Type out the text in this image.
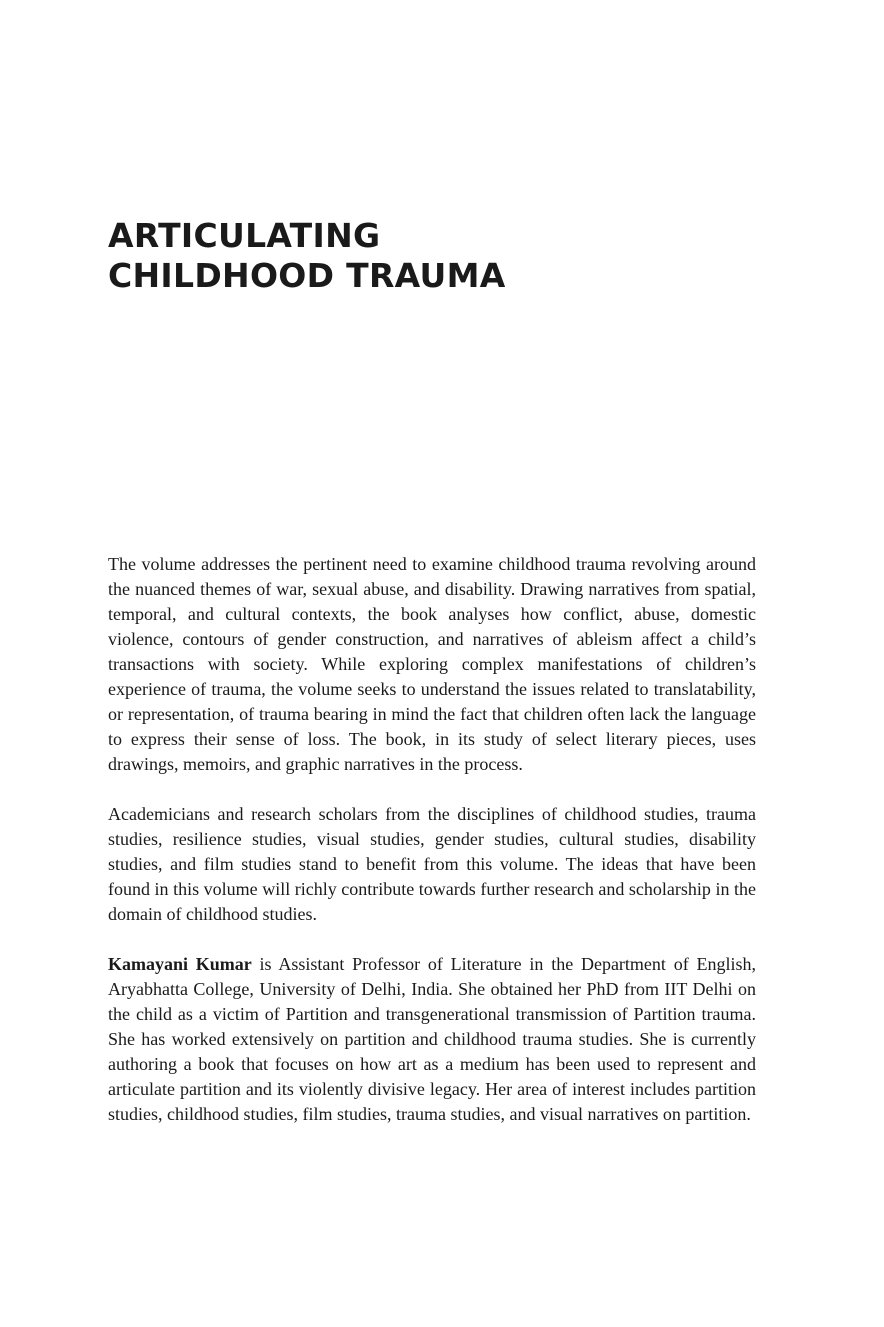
ARTICULATING
CHILDHOOD TRAUMA

The volume addresses the pertinent need to examine childhood trauma revolving around the nuanced themes of war, sexual abuse, and disability. Drawing narratives from spatial, temporal, and cultural contexts, the book analyses how conflict, abuse, domestic violence, contours of gender construction, and narratives of ableism affect a child’s transactions with society. While exploring complex manifestations of children’s experience of trauma, the volume seeks to understand the issues related to translatability, or representation, of trauma bearing in mind the fact that children often lack the language to express their sense of loss. The book, in its study of select literary pieces, uses drawings, memoirs, and graphic narratives in the process.

Academicians and research scholars from the disciplines of childhood studies, trauma studies, resilience studies, visual studies, gender studies, cultural studies, disability studies, and film studies stand to benefit from this volume. The ideas that have been found in this volume will richly contribute towards further research and scholarship in the domain of childhood studies.

Kamayani Kumar is Assistant Professor of Literature in the Department of English, Aryabhatta College, University of Delhi, India. She obtained her PhD from IIT Delhi on the child as a victim of Partition and transgenerational transmission of Partition trauma. She has worked extensively on partition and childhood trauma studies. She is currently authoring a book that focuses on how art as a medium has been used to represent and articulate partition and its violently divisive legacy. Her area of interest includes partition studies, childhood studies, film studies, trauma studies, and visual narratives on partition.
